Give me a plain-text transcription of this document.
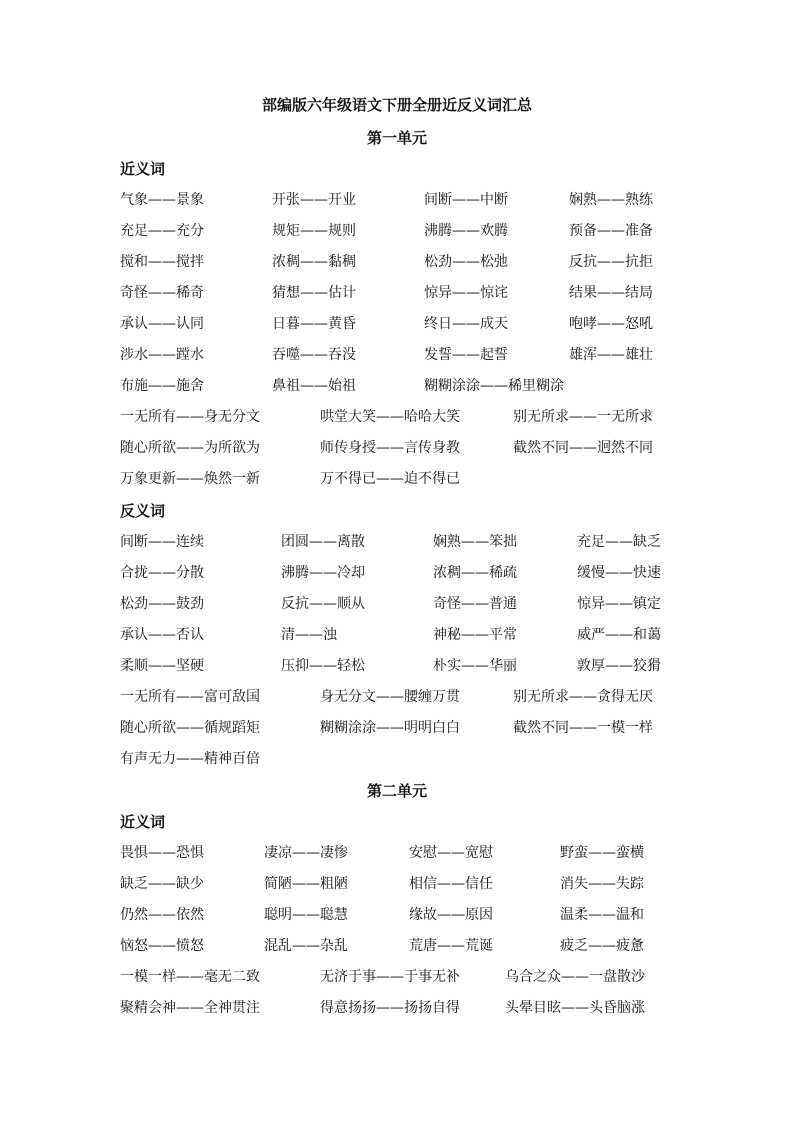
部编版六年级语文下册全册近反义词汇总
第一单元
近义词
气象——景象	开张——开业	间断——中断	娴熟——熟练
充足——充分	规矩——规则	沸腾——欢腾	预备——准备
搅和——搅拌	浓稠——黏稠	松劲——松弛	反抗——抗拒
奇怪——稀奇	猜想——估计	惊异——惊诧	结果——结局
承认——认同	日暮——黄昏	终日——成天	咆哮——怒吼
涉水——蹚水	吞噬——吞没	发誓——起誓	雄浑——雄壮
布施——施舍	鼻祖——始祖	糊糊涂涂——稀里糊涂
一无所有——身无分文	哄堂大笑——哈哈大笑	别无所求——一无所求
随心所欲——为所欲为	师传身授——言传身教	截然不同——迥然不同
万象更新——焕然一新	万不得已——迫不得已
反义词
间断——连续	团圆——离散	娴熟——笨拙	充足——缺乏
合拢——分散	沸腾——冷却	浓稠——稀疏	缓慢——快速
松劲——鼓劲	反抗——顺从	奇怪——普通	惊异——镇定
承认——否认	清——浊	神秘——平常	威严——和蔼
柔顺——坚硬	压抑——轻松	朴实——华丽	敦厚——狡猾
一无所有——富可敌国	身无分文——腰缠万贯	别无所求——贪得无厌
随心所欲——循规蹈矩	糊糊涂涂——明明白白	截然不同——一模一样
有声无力——精神百倍
第二单元
近义词
畏惧——恐惧	凄凉——凄惨	安慰——宽慰	野蛮——蛮横
缺乏——缺少	简陋——粗陋	相信——信任	消失——失踪
仍然——依然	聪明——聪慧	缘故——原因	温柔——温和
恼怒——愤怒	混乱——杂乱	荒唐——荒诞	疲乏——疲惫
一模一样——毫无二致	无济于事——于事无补	乌合之众——一盘散沙
聚精会神——全神贯注	得意扬扬——扬扬自得	头晕目眩——头昏脑涨
